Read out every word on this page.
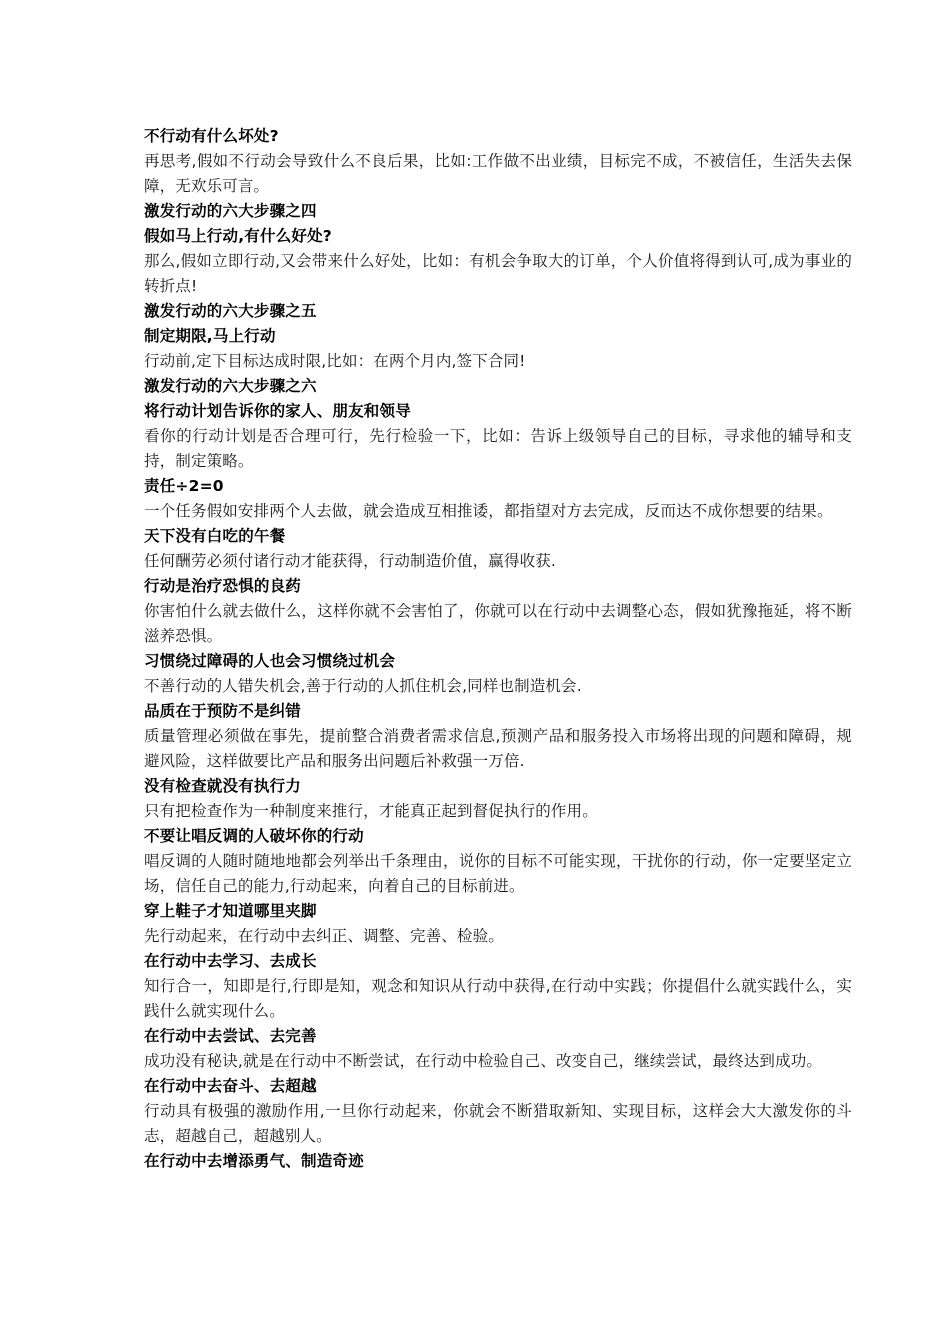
不行动有什么坏处?

再思考,假如不行动会导致什么不良后果，比如:工作做不出业绩，目标完不成，不被信任，生活失去保障，无欢乐可言。

激发行动的六大步骤之四

假如马上行动,有什么好处?

那么,假如立即行动,又会带来什么好处，比如：有机会争取大的订单，个人价值将得到认可,成为事业的转折点!

激发行动的六大步骤之五

制定期限,马上行动

行动前,定下目标达成时限,比如：在两个月内,签下合同!

激发行动的六大步骤之六

将行动计划告诉你的家人、朋友和领导

看你的行动计划是否合理可行，先行检验一下，比如：告诉上级领导自己的目标，寻求他的辅导和支持，制定策略。

责任÷2=0

一个任务假如安排两个人去做，就会造成互相推诿，都指望对方去完成，反而达不成你想要的结果。

天下没有白吃的午餐

任何酬劳必须付诸行动才能获得，行动制造价值，赢得收获.

行动是治疗恐惧的良药

你害怕什么就去做什么，这样你就不会害怕了，你就可以在行动中去调整心态，假如犹豫拖延，将不断滋养恐惧。

习惯绕过障碍的人也会习惯绕过机会

不善行动的人错失机会,善于行动的人抓住机会,同样也制造机会.

品质在于预防不是纠错

质量管理必须做在事先，提前整合消费者需求信息,预测产品和服务投入市场将出现的问题和障碍，规避风险，这样做要比产品和服务出问题后补救强一万倍.

没有检查就没有执行力

只有把检查作为一种制度来推行，才能真正起到督促执行的作用。

不要让唱反调的人破坏你的行动

唱反调的人随时随地地都会列举出千条理由，说你的目标不可能实现，干扰你的行动，你一定要坚定立场，信任自己的能力,行动起来，向着自己的目标前进。

穿上鞋子才知道哪里夹脚

先行动起来，在行动中去纠正、调整、完善、检验。

在行动中去学习、去成长

知行合一，知即是行,行即是知，观念和知识从行动中获得,在行动中实践；你提倡什么就实践什么，实践什么就实现什么。

在行动中去尝试、去完善

成功没有秘诀,就是在行动中不断尝试，在行动中检验自己、改变自己，继续尝试，最终达到成功。

在行动中去奋斗、去超越

行动具有极强的激励作用,一旦你行动起来，你就会不断猎取新知、实现目标，这样会大大激发你的斗志，超越自己，超越别人。

在行动中去增添勇气、制造奇迹
